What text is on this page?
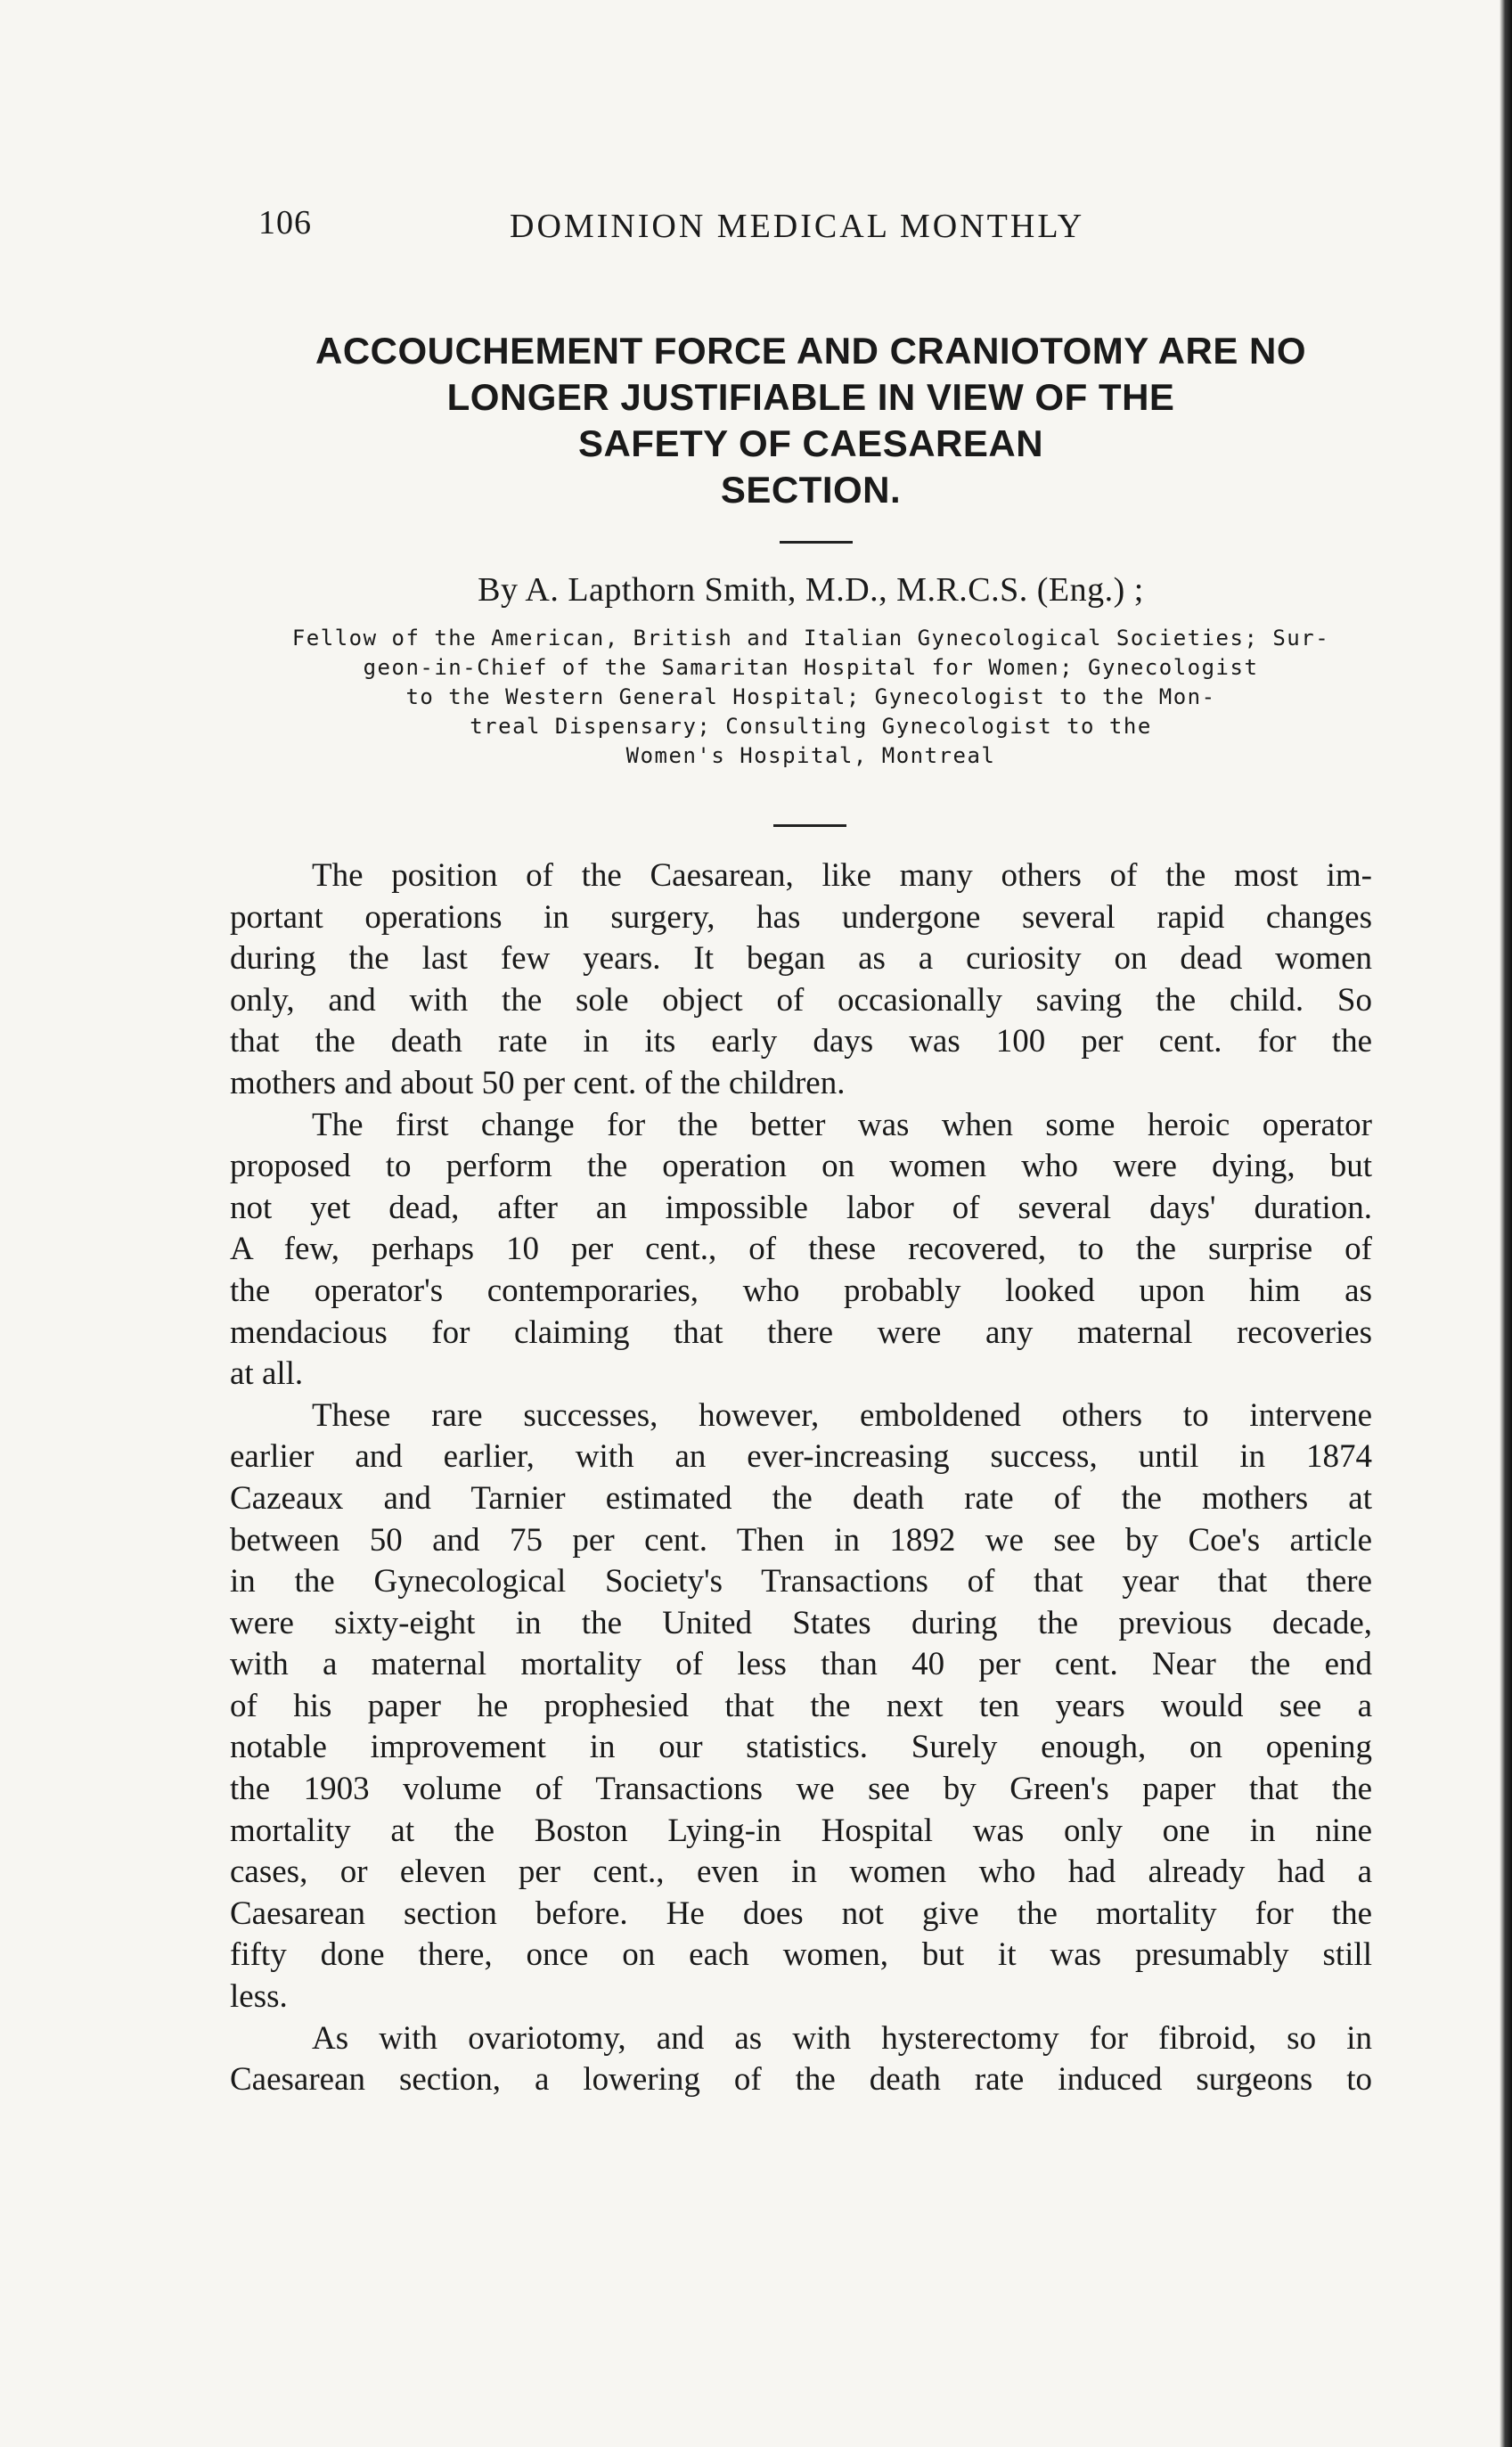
106	DOMINION MEDICAL MONTHLY
ACCOUCHEMENT FORCE AND CRANIOTOMY ARE NO
LONGER JUSTIFIABLE IN VIEW OF THE
SAFETY OF CAESAREAN
SECTION.
By A. Lapthorn Smith, M.D., M.R.C.S. (Eng.) ;
Fellow of the American, British and Italian Gynecological Societies; Sur-
geon-in-Chief of the Samaritan Hospital for Women; Gynecologist
to the Western General Hospital; Gynecologist to the Mon-
treal Dispensary; Consulting Gynecologist to the
Women's Hospital, Montreal

The position of the Caesarean, like many others of the most im-
portant operations in surgery, has undergone several rapid changes
during the last few years. It began as a curiosity on dead women
only, and with the sole object of occasionally saving the child. So
that the death rate in its early days was 100 per cent. for the
mothers and about 50 per cent. of the children.

The first change for the better was when some heroic operator
proposed to perform the operation on women who were dying, but
not yet dead, after an impossible labor of several days' duration.
A few, perhaps 10 per cent., of these recovered, to the surprise of
the operator's contemporaries, who probably looked upon him as
mendacious for claiming that there were any maternal recoveries
at all.

These rare successes, however, emboldened others to intervene
earlier and earlier, with an ever-increasing success, until in 1874
Cazeaux and Tarnier estimated the death rate of the mothers at
between 50 and 75 per cent. Then in 1892 we see by Coe's article
in the Gynecological Society's Transactions of that year that there
were sixty-eight in the United States during the previous decade,
with a maternal mortality of less than 40 per cent. Near the end
of his paper he prophesied that the next ten years would see a
notable improvement in our statistics. Surely enough, on opening
the 1903 volume of Transactions we see by Green's paper that the
mortality at the Boston Lying-in Hospital was only one in nine
cases, or eleven per cent., even in women who had already had a
Caesarean section before. He does not give the mortality for the
fifty done there, once on each women, but it was presumably still
less.

As with ovariotomy, and as with hysterectomy for fibroid, so in
Caesarean section, a lowering of the death rate induced surgeons to
